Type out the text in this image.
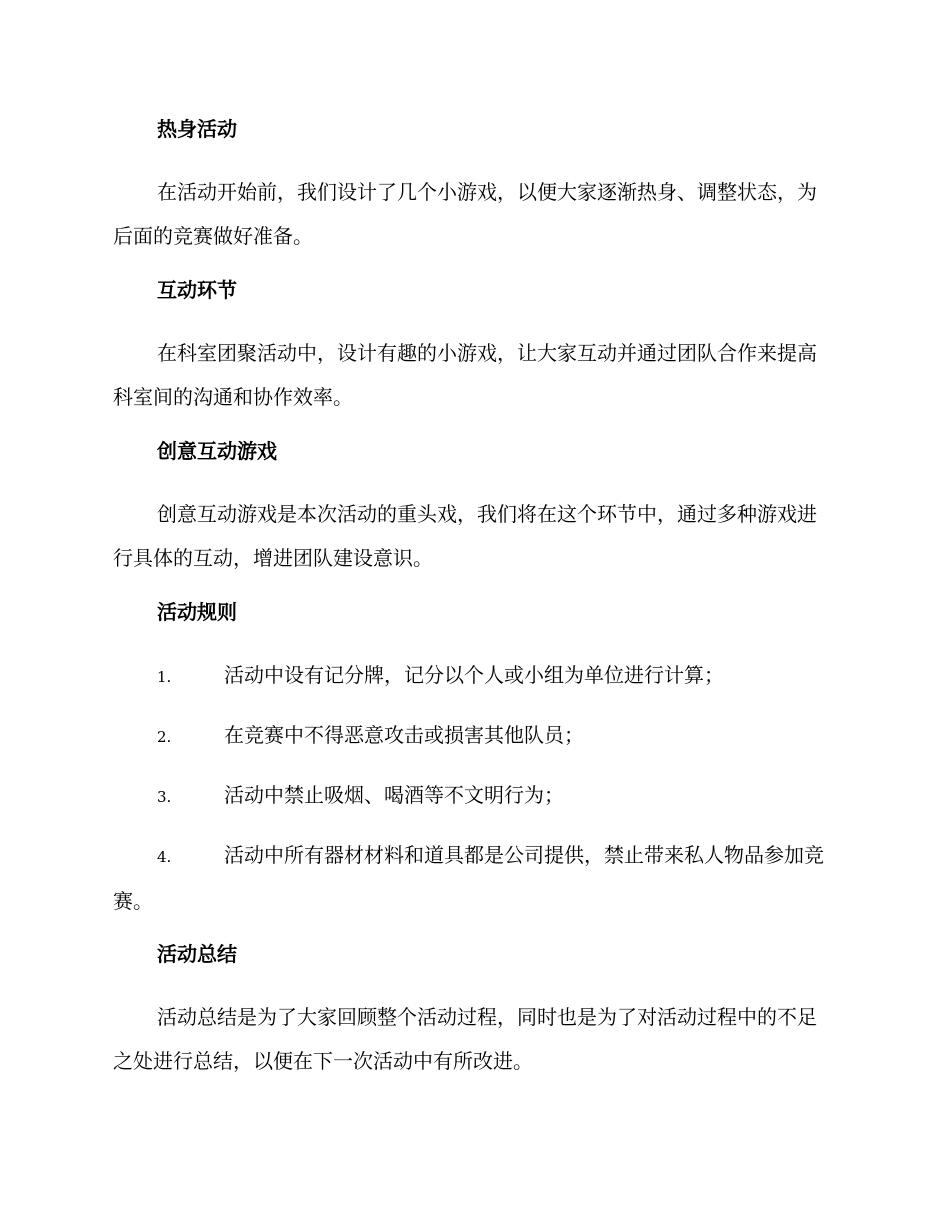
热身活动

在活动开始前，我们设计了几个小游戏，以便大家逐渐热身、调整状态，为后面的竞赛做好准备。

互动环节

在科室团聚活动中，设计有趣的小游戏，让大家互动并通过团队合作来提高科室间的沟通和协作效率。

创意互动游戏

创意互动游戏是本次活动的重头戏，我们将在这个环节中，通过多种游戏进行具体的互动，增进团队建设意识。

活动规则

1.	活动中设有记分牌，记分以个人或小组为单位进行计算；

2.	在竞赛中不得恶意攻击或损害其他队员；

3.	活动中禁止吸烟、喝酒等不文明行为；

4.	活动中所有器材材料和道具都是公司提供，禁止带来私人物品参加竞赛。

活动总结

活动总结是为了大家回顾整个活动过程，同时也是为了对活动过程中的不足之处进行总结，以便在下一次活动中有所改进。
